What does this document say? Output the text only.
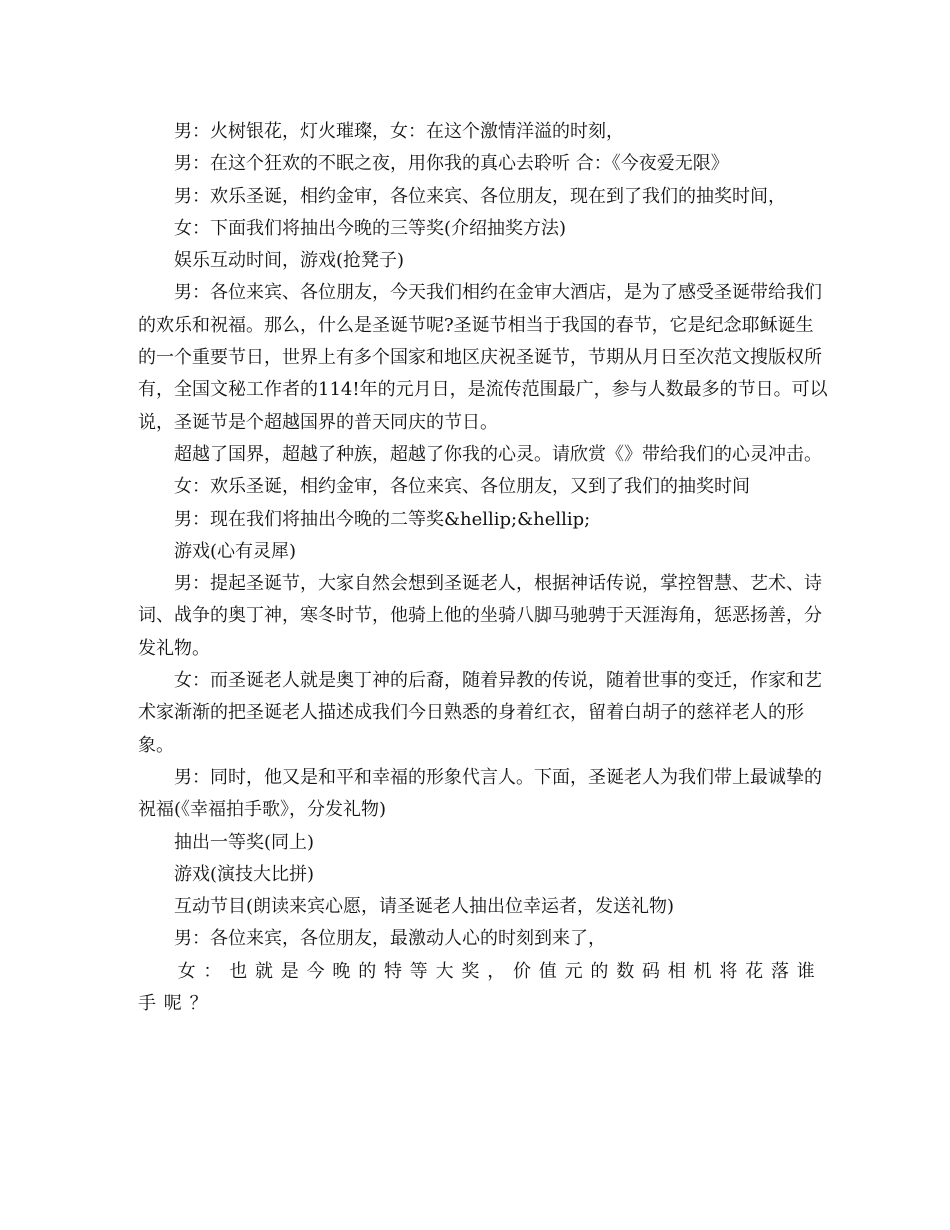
男：火树银花，灯火璀璨，女：在这个激情洋溢的时刻，

男：在这个狂欢的不眠之夜，用你我的真心去聆听 合：《今夜爱无限》

男：欢乐圣诞，相约金审，各位来宾、各位朋友，现在到了我们的抽奖时间，

女：下面我们将抽出今晚的三等奖(介绍抽奖方法)

娱乐互动时间，游戏(抢凳子)

男：各位来宾、各位朋友，今天我们相约在金审大酒店，是为了感受圣诞带给我们的欢乐和祝福。那么，什么是圣诞节呢?圣诞节相当于我国的春节，它是纪念耶稣诞生的一个重要节日，世界上有多个国家和地区庆祝圣诞节，节期从月日至次范文搜版权所有，全国文秘工作者的114!年的元月日，是流传范围最广，参与人数最多的节日。可以说，圣诞节是个超越国界的普天同庆的节日。

超越了国界，超越了种族，超越了你我的心灵。请欣赏《》带给我们的心灵冲击。

女：欢乐圣诞，相约金审，各位来宾、各位朋友，又到了我们的抽奖时间

男：现在我们将抽出今晚的二等奖&hellip;&hellip;

游戏(心有灵犀)

男：提起圣诞节，大家自然会想到圣诞老人，根据神话传说，掌控智慧、艺术、诗词、战争的奥丁神，寒冬时节，他骑上他的坐骑八脚马驰骋于天涯海角，惩恶扬善，分发礼物。

女：而圣诞老人就是奥丁神的后裔，随着异教的传说，随着世事的变迁，作家和艺术家渐渐的把圣诞老人描述成我们今日熟悉的身着红衣，留着白胡子的慈祥老人的形象。

男：同时，他又是和平和幸福的形象代言人。下面，圣诞老人为我们带上最诚挚的祝福(《幸福拍手歌》，分发礼物)

抽出一等奖(同上)

游戏(演技大比拼)

互动节目(朗读来宾心愿，请圣诞老人抽出位幸运者，发送礼物)

男：各位来宾，各位朋友，最激动人心的时刻到来了，

女：也就是今晚的特等大奖，价值元的数码相机将花落谁手呢？
